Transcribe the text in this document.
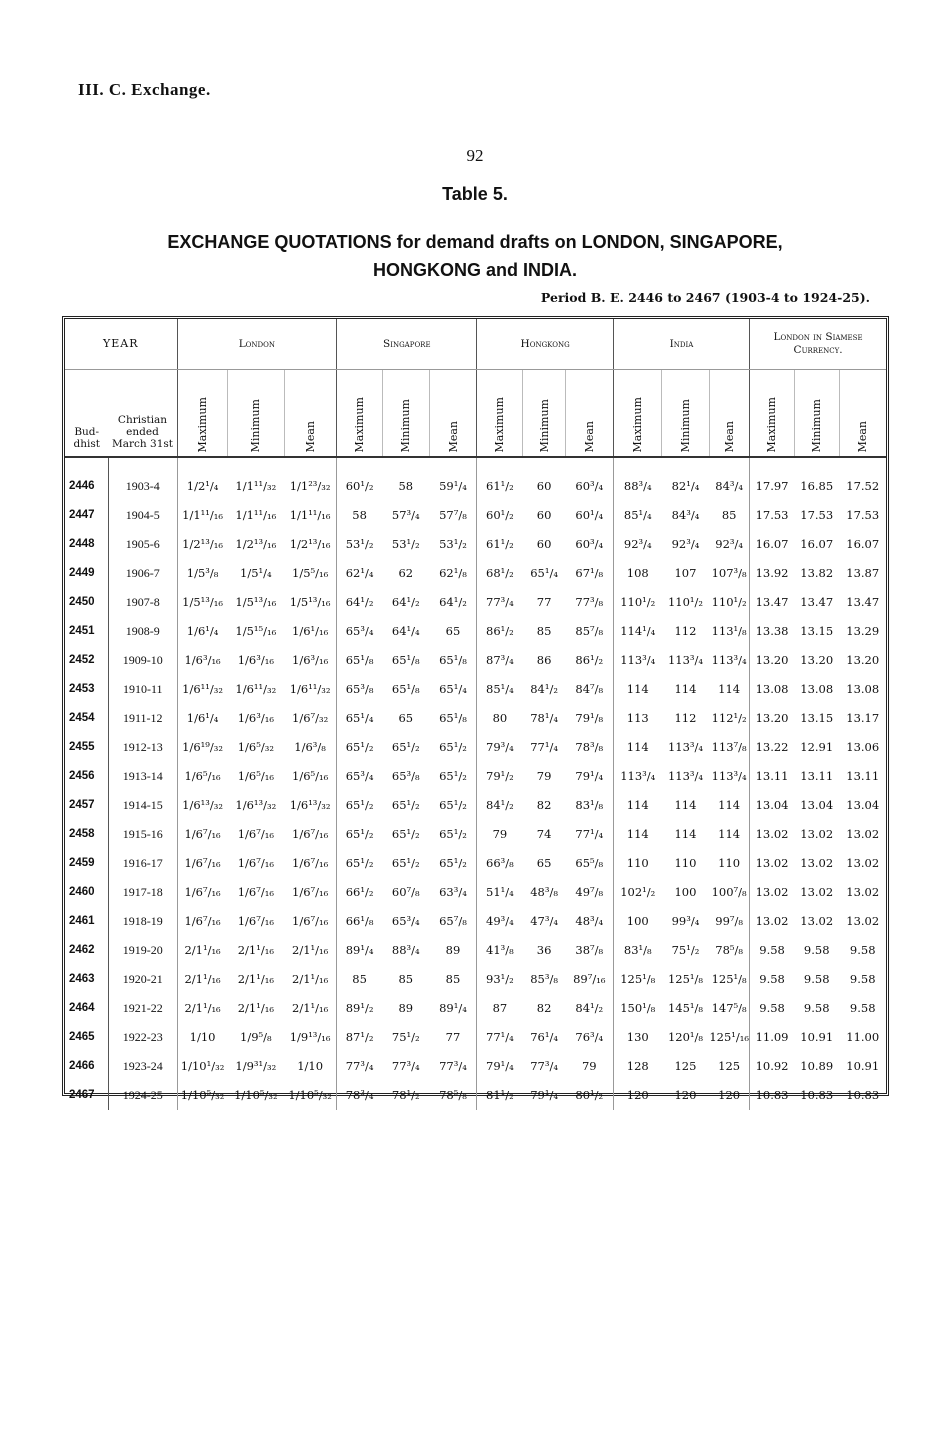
III. C. Exchange.
92
Table 5.
EXCHANGE QUOTATIONS for demand drafts on LONDON, SINGAPORE,
HONGKONG and INDIA.
Period B. E. 2446 to 2467 (1903-4 to 1924-25).
YEAR		London			Singapore			Hongkong			India			London in Siamese Currency.		
Bud-dhist	Christian ended March 31st	Maximum	Minimum	Mean	Maximum	Minimum	Mean	Maximum	Minimum	Mean	Maximum	Minimum	Mean	Maximum	Minimum	Mean
2446	1903-4	1/2¹/₄	1/1¹¹/₃₂	1/1²³/₃₂	60¹/₂	58	59¹/₄	61¹/₂	60	60³/₄	88³/₄	82¹/₄	84³/₄	17.97	16.85	17.52
2447	1904-5	1/1¹¹/₁₆	1/1¹¹/₁₆	1/1¹¹/₁₆	58	57³/₄	57⁷/₈	60¹/₂	60	60¹/₄	85¹/₄	84³/₄	85	17.53	17.53	17.53
2448	1905-6	1/2¹³/₁₆	1/2¹³/₁₆	1/2¹³/₁₆	53¹/₂	53¹/₂	53¹/₂	61¹/₂	60	60³/₄	92³/₄	92³/₄	92³/₄	16.07	16.07	16.07
2449	1906-7	1/5³/₈	1/5¹/₄	1/5⁵/₁₆	62¹/₄	62	62¹/₈	68¹/₂	65¹/₄	67¹/₈	108	107	107³/₈	13.92	13.82	13.87
2450	1907-8	1/5¹³/₁₆	1/5¹³/₁₆	1/5¹³/₁₆	64¹/₂	64¹/₂	64¹/₂	77³/₄	77	77³/₈	110¹/₂	110¹/₂	110¹/₂	13.47	13.47	13.47
2451	1908-9	1/6¹/₄	1/5¹⁵/₁₆	1/6¹/₁₆	65³/₄	64¹/₄	65	86¹/₂	85	85⁷/₈	114¹/₄	112	113¹/₈	13.38	13.15	13.29
2452	1909-10	1/6³/₁₆	1/6³/₁₆	1/6³/₁₆	65¹/₈	65¹/₈	65¹/₈	87³/₄	86	86¹/₂	113³/₄	113³/₄	113³/₄	13.20	13.20	13.20
2453	1910-11	1/6¹¹/₃₂	1/6¹¹/₃₂	1/6¹¹/₃₂	65³/₈	65¹/₈	65¹/₄	85¹/₄	84¹/₂	84⁷/₈	114	114	114	13.08	13.08	13.08
2454	1911-12	1/6¹/₄	1/6³/₁₆	1/6⁷/₃₂	65¹/₄	65	65¹/₈	80	78¹/₄	79¹/₈	113	112	112¹/₂	13.20	13.15	13.17
2455	1912-13	1/6¹⁹/₃₂	1/6⁵/₃₂	1/6³/₈	65¹/₂	65¹/₂	65¹/₂	79³/₄	77¹/₄	78³/₈	114	113³/₄	113⁷/₈	13.22	12.91	13.06
2456	1913-14	1/6⁵/₁₆	1/6⁵/₁₆	1/6⁵/₁₆	65³/₄	65³/₈	65¹/₂	79¹/₂	79	79¹/₄	113³/₄	113³/₄	113³/₄	13.11	13.11	13.11
2457	1914-15	1/6¹³/₃₂	1/6¹³/₃₂	1/6¹³/₃₂	65¹/₂	65¹/₂	65¹/₂	84¹/₂	82	83¹/₈	114	114	114	13.04	13.04	13.04
2458	1915-16	1/6⁷/₁₆	1/6⁷/₁₆	1/6⁷/₁₆	65¹/₂	65¹/₂	65¹/₂	79	74	77¹/₄	114	114	114	13.02	13.02	13.02
2459	1916-17	1/6⁷/₁₆	1/6⁷/₁₆	1/6⁷/₁₆	65¹/₂	65¹/₂	65¹/₂	66³/₈	65	65⁵/₈	110	110	110	13.02	13.02	13.02
2460	1917-18	1/6⁷/₁₆	1/6⁷/₁₆	1/6⁷/₁₆	66¹/₂	60⁷/₈	63³/₄	51¹/₄	48³/₈	49⁷/₈	102¹/₂	100	100⁷/₈	13.02	13.02	13.02
2461	1918-19	1/6⁷/₁₆	1/6⁷/₁₆	1/6⁷/₁₆	66¹/₈	65³/₄	65⁷/₈	49³/₄	47³/₄	48³/₄	100	99³/₄	99⁷/₈	13.02	13.02	13.02
2462	1919-20	2/1¹/₁₆	2/1¹/₁₆	2/1¹/₁₆	89¹/₄	88³/₄	89	41³/₈	36	38⁷/₈	83¹/₈	75¹/₂	78⁵/₈	9.58	9.58	9.58
2463	1920-21	2/1¹/₁₆	2/1¹/₁₆	2/1¹/₁₆	85	85	85	93¹/₂	85³/₈	89⁷/₁₆	125¹/₈	125¹/₈	125¹/₈	9.58	9.58	9.58
2464	1921-22	2/1¹/₁₆	2/1¹/₁₆	2/1¹/₁₆	89¹/₂	89	89¹/₄	87	82	84¹/₂	150¹/₈	145¹/₈	147⁵/₈	9.58	9.58	9.58
2465	1922-23	1/10	1/9⁵/₈	1/9¹³/₁₆	87¹/₂	75¹/₂	77	77¹/₄	76¹/₄	76³/₄	130	120¹/₈	125¹/₁₆	11.09	10.91	11.00
2466	1923-24	1/10¹/₃₂	1/9³¹/₃₂	1/10	77³/₄	77³/₄	77³/₄	79¹/₄	77³/₄	79	128	125	125	10.92	10.89	10.91
2467	1924-25	1/10⁵/₃₂	1/10⁵/₃₂	1/10⁵/₃₂	78³/₄	78¹/₂	78⁵/₈	81¹/₂	79¹/₄	80¹/₂	120	120	120	10.83	10.83	10.83
